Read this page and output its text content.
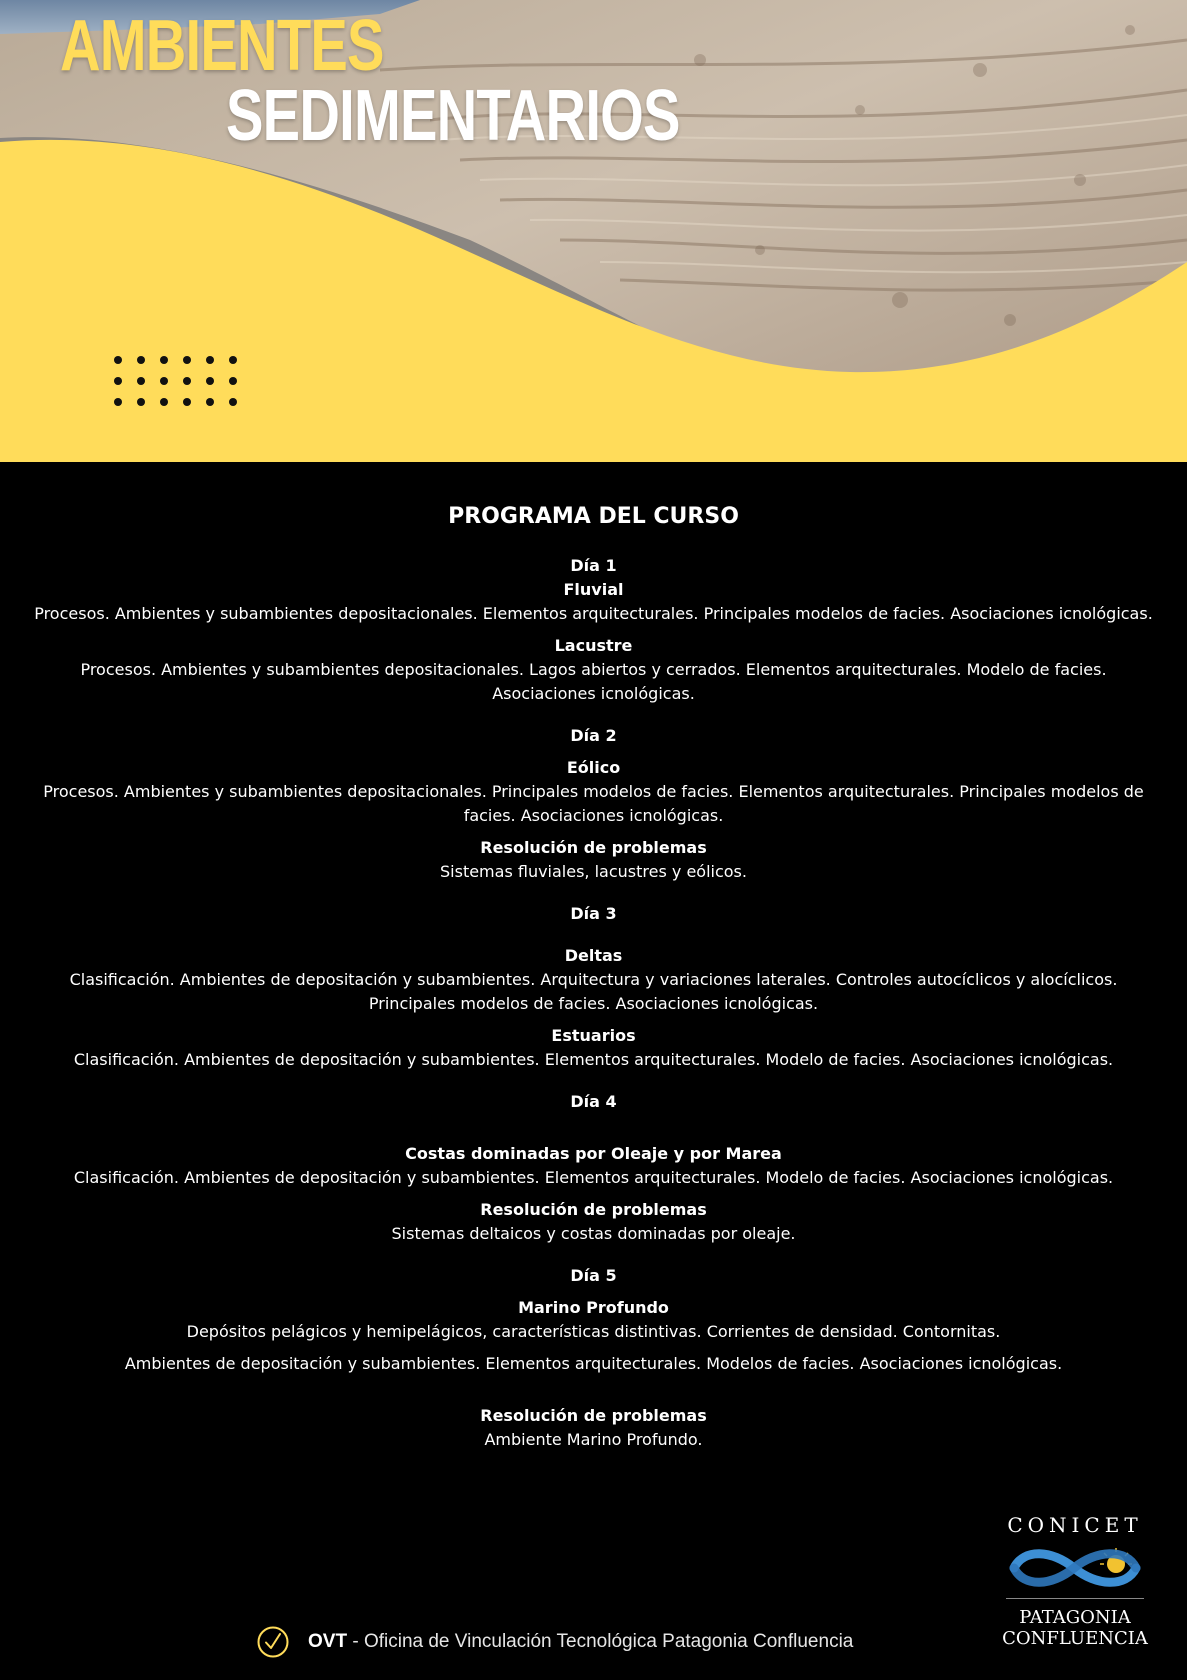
AMBIENTES
SEDIMENTARIOS
PROGRAMA DEL CURSO
Día 1
Fluvial
Procesos. Ambientes y subambientes depositacionales. Elementos arquitecturales. Principales modelos de facies. Asociaciones icnológicas.
Lacustre
Procesos. Ambientes y subambientes depositacionales. Lagos abiertos y cerrados. Elementos arquitecturales. Modelo de facies. Asociaciones icnológicas.
Día 2
Eólico
Procesos. Ambientes y subambientes depositacionales. Principales modelos de facies. Elementos arquitecturales. Principales modelos de facies. Asociaciones icnológicas.
Resolución de problemas
Sistemas fluviales, lacustres y eólicos.
Día 3
Deltas
Clasificación. Ambientes de depositación y subambientes. Arquitectura y variaciones laterales. Controles autocíclicos y alocíclicos. Principales modelos de facies. Asociaciones icnológicas.
Estuarios
Clasificación. Ambientes de depositación y subambientes. Elementos arquitecturales. Modelo de facies. Asociaciones icnológicas.
Día 4
Costas dominadas por Oleaje y por Marea
Clasificación. Ambientes de depositación y subambientes. Elementos arquitecturales. Modelo de facies. Asociaciones icnológicas.
Resolución de problemas
Sistemas deltaicos y costas dominadas por oleaje.
Día 5
Marino Profundo
Depósitos pelágicos y hemipelágicos, características distintivas. Corrientes de densidad. Contornitas.
Ambientes de depositación y subambientes. Elementos arquitecturales. Modelos de facies. Asociaciones icnológicas.
Resolución de problemas
Ambiente Marino Profundo.
OVT - Oficina de Vinculación Tecnológica Patagonia Confluencia
CONICET
PATAGONIA
CONFLUENCIA
